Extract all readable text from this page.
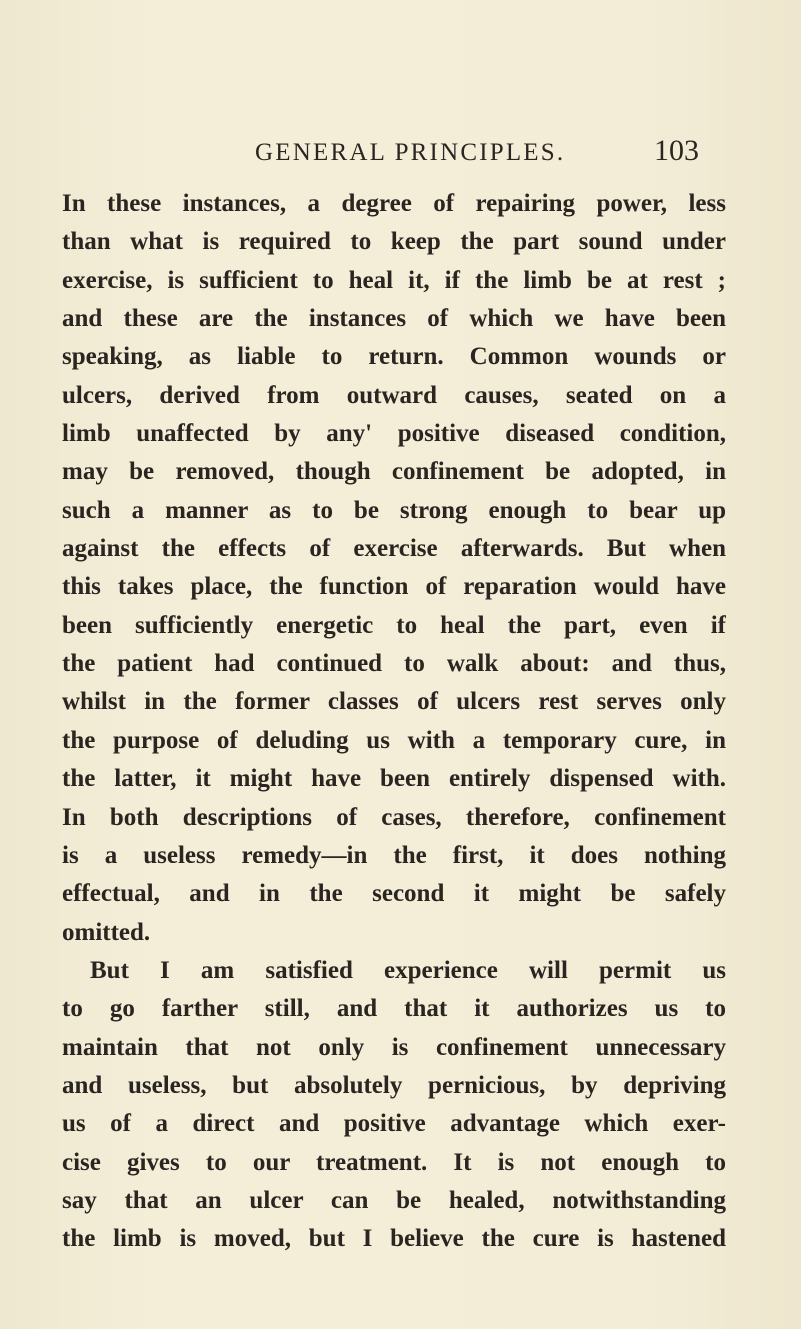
GENERAL PRINCIPLES.	103
In these instances, a degree of repairing power, less
than what is required to keep the part sound under
exercise, is sufficient to heal it, if the limb be at rest ;
and these are the instances of which we have been
speaking, as liable to return. Common wounds or
ulcers, derived from outward causes, seated on a
limb unaffected by any' positive diseased condition,
may be removed, though confinement be adopted, in
such a manner as to be strong enough to bear up
against the effects of exercise afterwards. But when
this takes place, the function of reparation would have
been sufficiently energetic to heal the part, even if
the patient had continued to walk about: and thus,
whilst in the former classes of ulcers rest serves only
the purpose of deluding us with a temporary cure, in
the latter, it might have been entirely dispensed with.
In both descriptions of cases, therefore, confinement
is a useless remedy—in the first, it does nothing
effectual, and in the second it might be safely
omitted.
But I am satisfied experience will permit us
to go farther still, and that it authorizes us to
maintain that not only is confinement unnecessary
and useless, but absolutely pernicious, by depriving
us of a direct and positive advantage which exer-
cise gives to our treatment. It is not enough to
say that an ulcer can be healed, notwithstanding
the limb is moved, but I believe the cure is hastened
